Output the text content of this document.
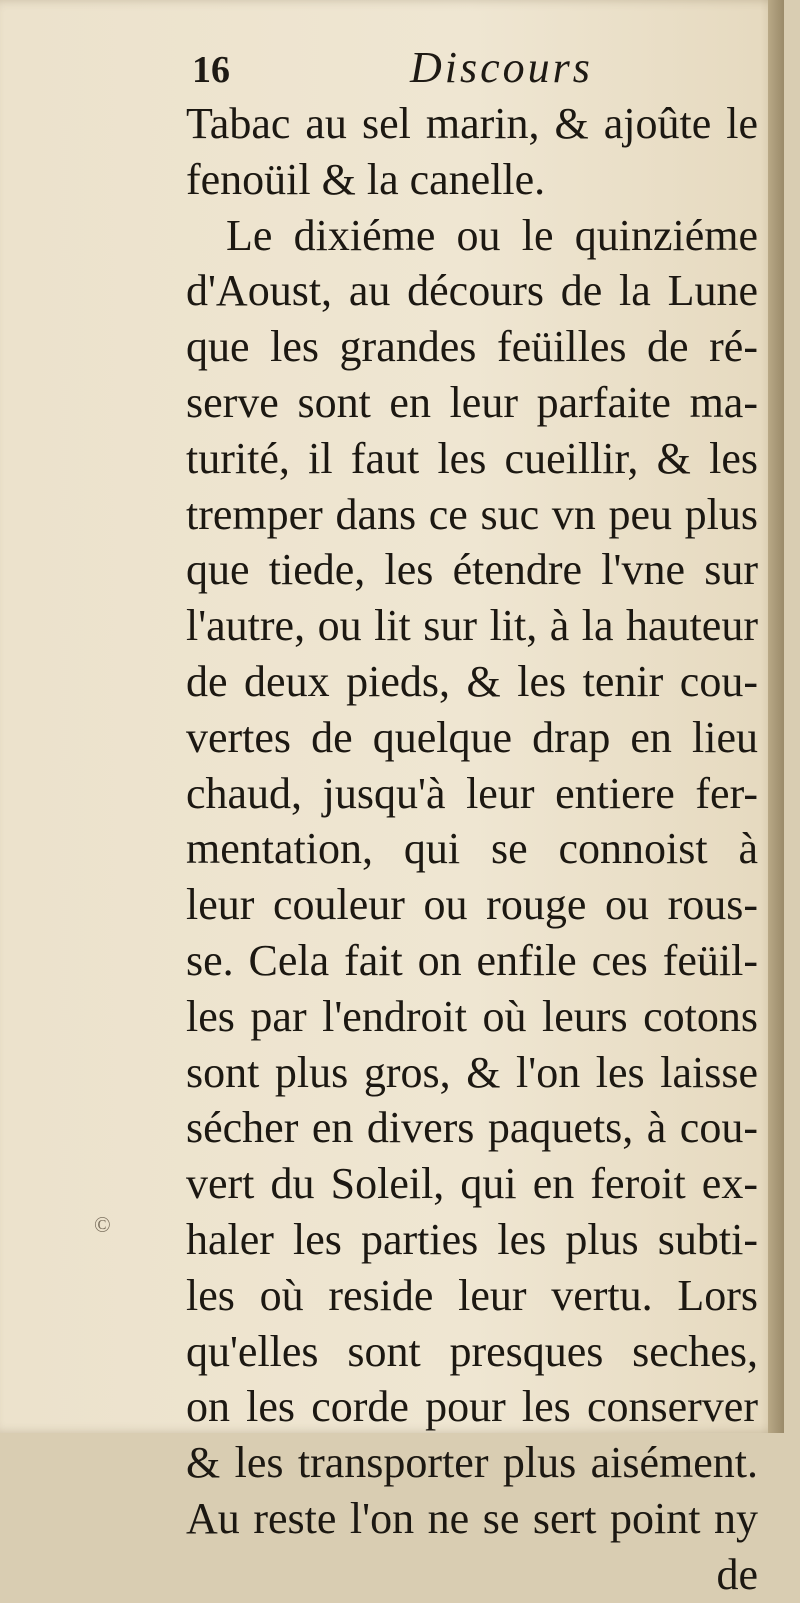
16	Discours
Tabac au sel marin, & ajoûte le
fenoüil & la canelle.
Le dixiéme ou le quinziéme
d'Aoust, au décours de la Lune
que les grandes feüilles de ré-
serve sont en leur parfaite ma-
turité, il faut les cueillir, & les
tremper dans ce suc vn peu plus
que tiede, les étendre l'vne sur
l'autre, ou lit sur lit, à la hauteur
de deux pieds, & les tenir cou-
vertes de quelque drap en lieu
chaud, jusqu'à leur entiere fer-
mentation, qui se connoist à
leur couleur ou rouge ou rous-
se. Cela fait on enfile ces feüil-
les par l'endroit où leurs cotons
sont plus gros, & l'on les laisse
sécher en divers paquets, à cou-
vert du Soleil, qui en feroit ex-
haler les parties les plus subti-
les où reside leur vertu. Lors
qu'elles sont presques seches,
on les corde pour les conserver
& les transporter plus aisément.
Au reste l'on ne se sert point ny
de
©
